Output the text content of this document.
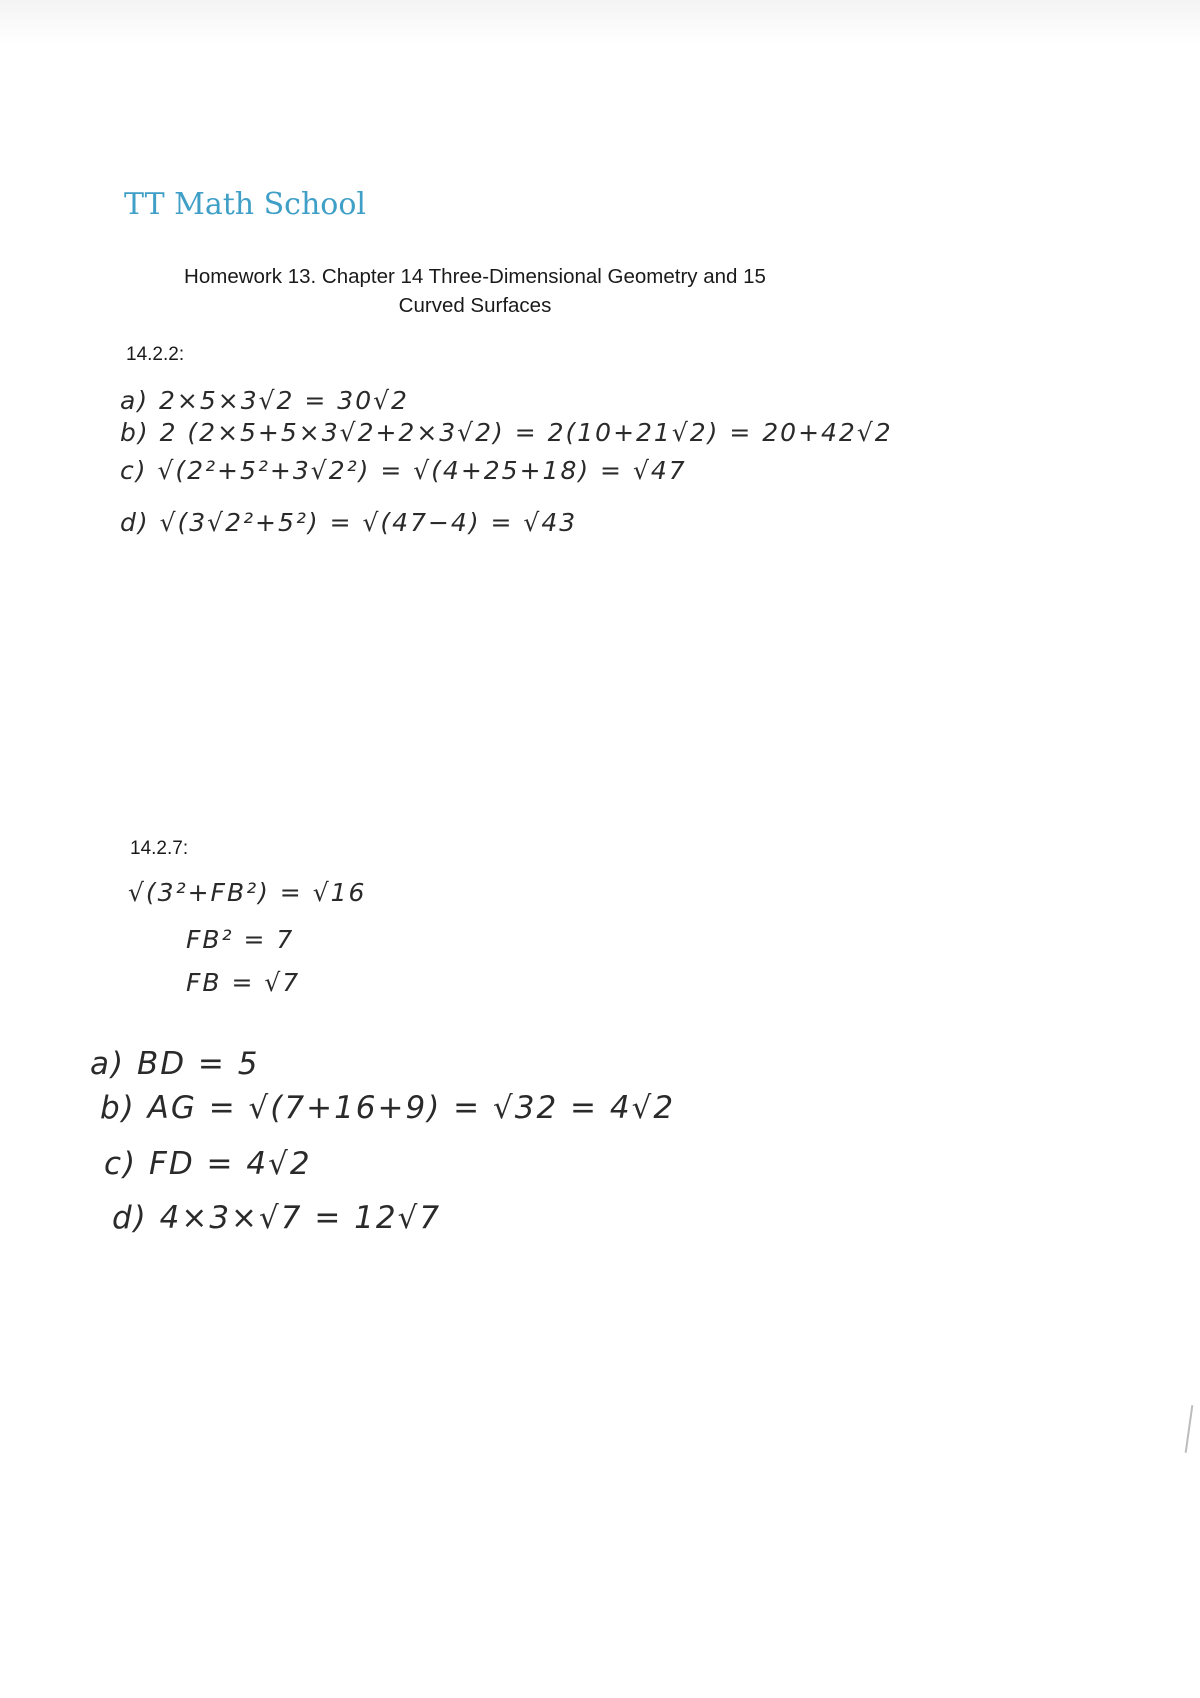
TT Math School
Homework 13. Chapter 14 Three-Dimensional Geometry and 15
Curved Surfaces
14.2.2:
a) 2×5×3√2 = 30√2
b) 2 (2×5+5×3√2+2×3√2) = 2(10+21√2) = 20+42√2
c) √(2²+5²+3√2²) = √(4+25+18) = √47
d) √(3√2²+5²) = √(47−4) = √43
14.2.7:
√(3²+FB²) = √16
FB² = 7
FB = √7
a) BD = 5
b) AG = √(7+16+9) = √32 = 4√2
c) FD = 4√2
d) 4×3×√7 = 12√7
